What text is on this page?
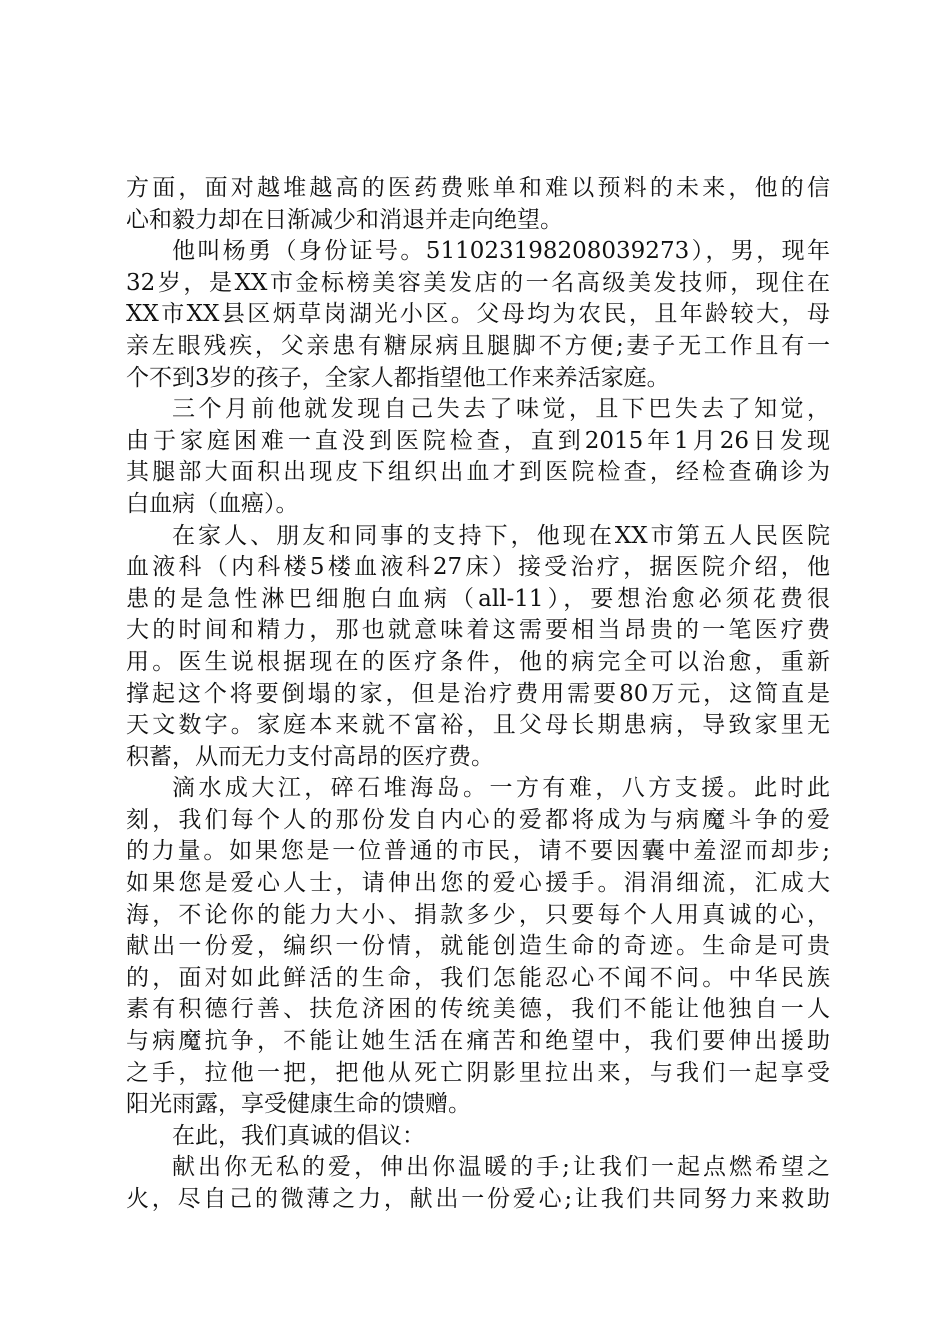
方面，面对越堆越高的医药费账单和难以预料的未来，他的信
心和毅力却在日渐减少和消退并走向绝望。
他叫杨勇（身份证号。511023198208039273），男，现年
32岁，是XX市金标榜美容美发店的一名高级美发技师，现住在
XX市XX县区炳草岗湖光小区。父母均为农民，且年龄较大，母
亲左眼残疾，父亲患有糖尿病且腿脚不方便;妻子无工作且有一
个不到3岁的孩子，全家人都指望他工作来养活家庭。
三个月前他就发现自己失去了味觉，且下巴失去了知觉，
由于家庭困难一直没到医院检查，直到2015年1月26日发现
其腿部大面积出现皮下组织出血才到医院检查，经检查确诊为
白血病（血癌）。
在家人、朋友和同事的支持下，他现在XX市第五人民医院
血液科（内科楼5楼血液科27床）接受治疗，据医院介绍，他
患的是急性淋巴细胞白血病（all-11），要想治愈必须花费很
大的时间和精力，那也就意味着这需要相当昂贵的一笔医疗费
用。医生说根据现在的医疗条件，他的病完全可以治愈，重新
撑起这个将要倒塌的家，但是治疗费用需要80万元，这简直是
天文数字。家庭本来就不富裕，且父母长期患病，导致家里无
积蓄，从而无力支付高昂的医疗费。
滴水成大江，碎石堆海岛。一方有难，八方支援。此时此
刻，我们每个人的那份发自内心的爱都将成为与病魔斗争的爱
的力量。如果您是一位普通的市民，请不要因囊中羞涩而却步;
如果您是爱心人士，请伸出您的爱心援手。涓涓细流，汇成大
海，不论你的能力大小、捐款多少，只要每个人用真诚的心，
献出一份爱，编织一份情，就能创造生命的奇迹。生命是可贵
的，面对如此鲜活的生命，我们怎能忍心不闻不问。中华民族
素有积德行善、扶危济困的传统美德，我们不能让他独自一人
与病魔抗争，不能让她生活在痛苦和绝望中，我们要伸出援助
之手，拉他一把，把他从死亡阴影里拉出来，与我们一起享受
阳光雨露，享受健康生命的馈赠。
在此，我们真诚的倡议：
献出你无私的爱，伸出你温暖的手;让我们一起点燃希望之
火，尽自己的微薄之力，献出一份爱心;让我们共同努力来救助
